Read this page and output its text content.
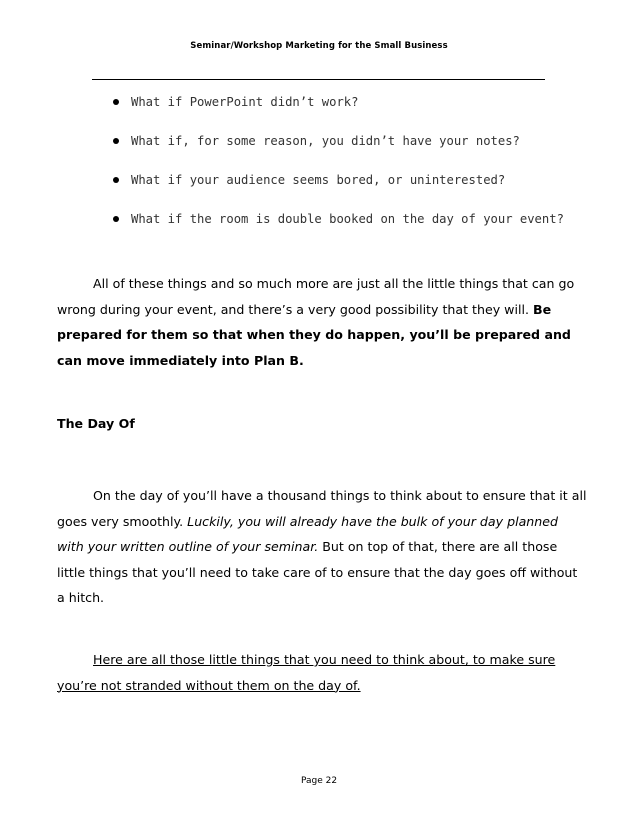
Seminar/Workshop Marketing for the Small Business
What if PowerPoint didn’t work?
What if, for some reason, you didn’t have your notes?
What if your audience seems bored, or uninterested?
What if the room is double booked on the day of your event?

All of these things and so much more are just all the little things that can go wrong during your event, and there’s a very good possibility that they will. Be prepared for them so that when they do happen, you’ll be prepared and can move immediately into Plan B.

The Day Of

On the day of you’ll have a thousand things to think about to ensure that it all goes very smoothly. Luckily, you will already have the bulk of your day planned with your written outline of your seminar. But on top of that, there are all those little things that you’ll need to take care of to ensure that the day goes off without a hitch.

Here are all those little things that you need to think about, to make sure you’re not stranded without them on the day of.

Page 22
